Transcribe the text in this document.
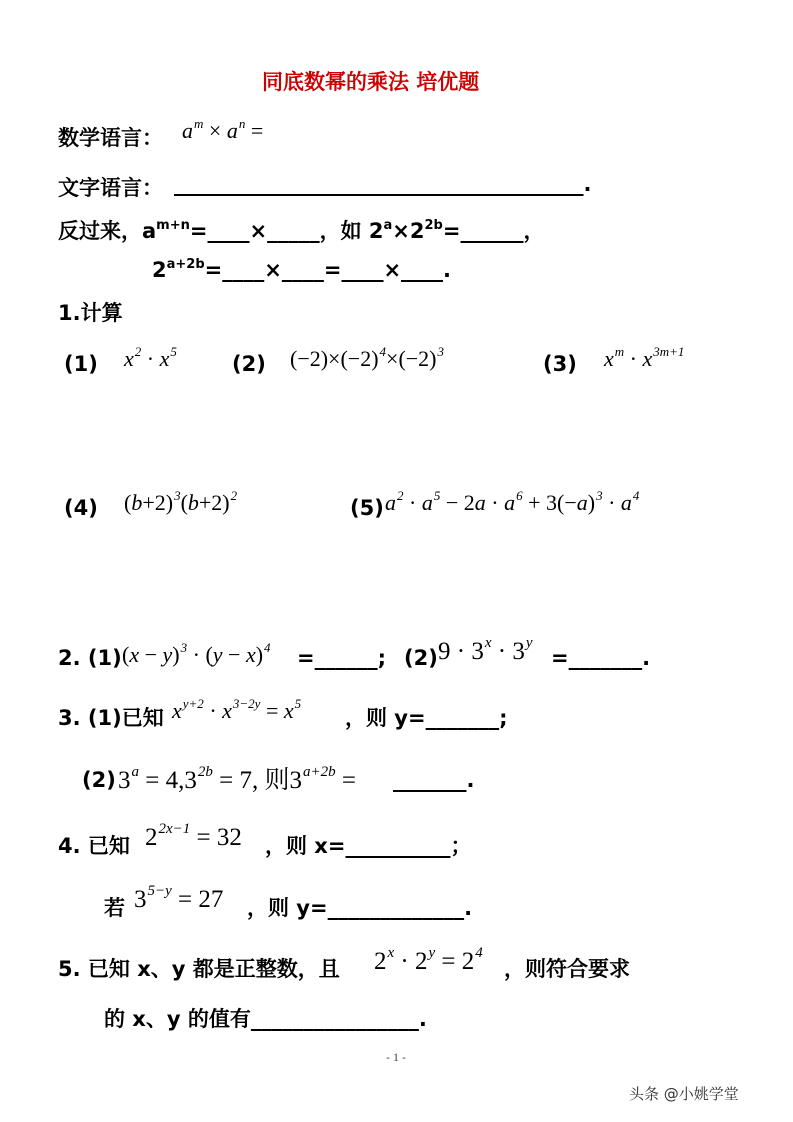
同底数幂的乘法 培优题
数学语言： $a^m \times a^n$ =
文字语言： _______________________________________.
反过来，$a^{m+n}=\_\_\_\_\times\_\_\_\_\_$，如 $2^a\times 2^{2b}=\_\_\_\_\_\_$，
$2^{a+2b}=\_\_\_\_\times\_\_\_\_=\_\_\_\_\times\_\_\_\_$.
1.计算
(1) $x^2 \cdot x^5$
(2) $(-2)\times(-2)^4\times(-2)^3$
(3) $x^m \cdot x^{3m+1}$
(4) $(b+2)^3(b+2)^2$
(5) $a^2 \cdot a^5 - 2a \cdot a^6 + 3(-a)^3 \cdot a^4$
2. (1) $(x - y)^3 \cdot (y - x)^4$ =______; (2) $9 \cdot 3^x \cdot 3^y$
=_______.
3. (1)已知 $x^{y+2} \cdot x^{3-2y} = x^5$
，则 y=_______;
(2) $3^a = 4,3^{2b} = 7$, 则$3^{a+2b}$ = _______.
4. 已知 $2^{2x-1} = 32$ ，则 x=__________；
若 $3^{5-y} = 27$ ，则 y=_____________.
5. 已知 x、y 都是正整数，且 $2^x \cdot 2^y = 2^4$
，则符合要求
的 x、y 的值有________________.
- 1 -
头条 @小姚学堂
